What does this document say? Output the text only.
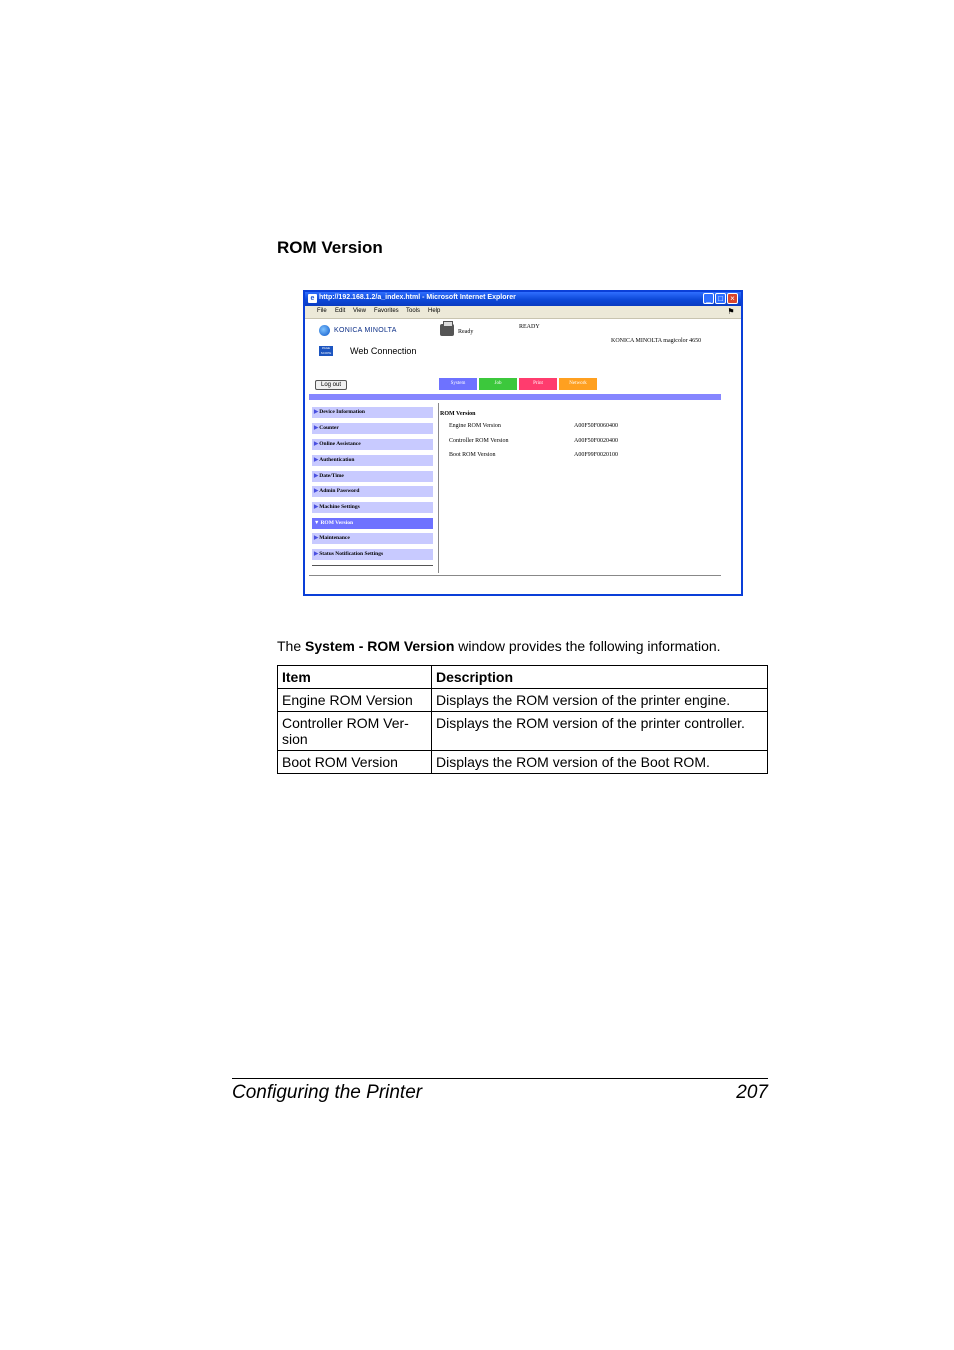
ROM Version
e http://192.168.1.2/a_index.html - Microsoft Internet Explorer	_ □ ×
File Edit View Favorites Tools Help	⚑
KONICA MINOLTA
PAGE SCOPE Web Connection
Ready
READY
KONICA MINOLTA magicolor 4650
Log out	System	Job	Print	Network
▶Device Information
▶Counter
▶Online Assistance
▶Authentication
▶Date/Time
▶Admin Password
▶Machine Settings
▼ROM Version
▶Maintenance
▶Status Notification Settings
ROM Version
Engine ROM Version	A00F50F0060400
Controller ROM Version	A00F50F0020400
Boot ROM Version	A00F99F0020100
The System - ROM Version window provides the following information.
Item	Description
Engine ROM Version	Displays the ROM version of the printer engine.
Controller ROM Ver-
sion	Displays the ROM version of the printer controller.
Boot ROM Version	Displays the ROM version of the Boot ROM.
Configuring the Printer	207
